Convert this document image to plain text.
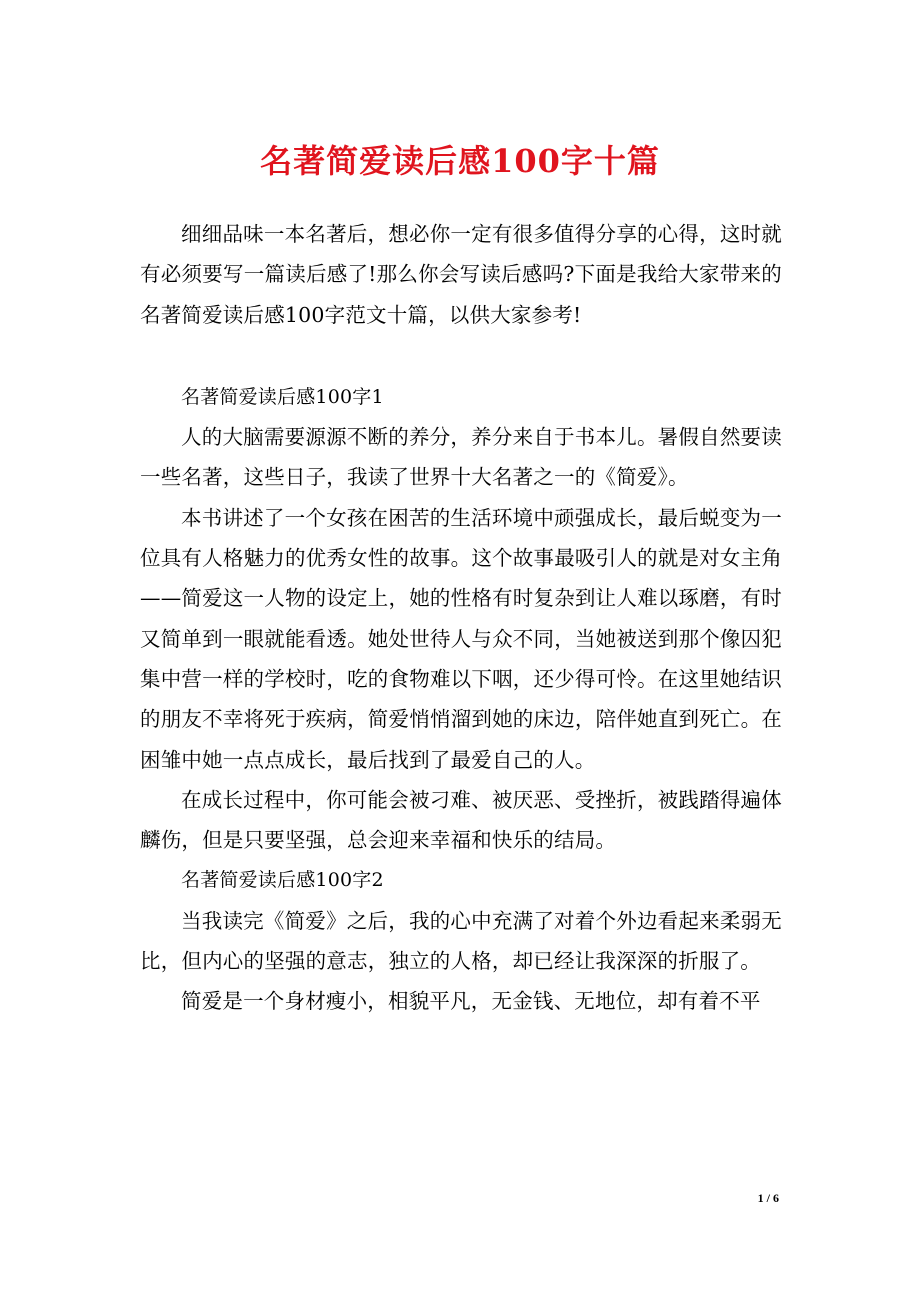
名著简爱读后感100字十篇

细细品味一本名著后，想必你一定有很多值得分享的心得，这时就有必须要写一篇读后感了!那么你会写读后感吗?下面是我给大家带来的名著简爱读后感100字范文十篇，以供大家参考!

名著简爱读后感100字1

人的大脑需要源源不断的养分，养分来自于书本儿。暑假自然要读一些名著，这些日子，我读了世界十大名著之一的《简爱》。

本书讲述了一个女孩在困苦的生活环境中顽强成长，最后蜕变为一位具有人格魅力的优秀女性的故事。这个故事最吸引人的就是对女主角——简爱这一人物的设定上，她的性格有时复杂到让人难以琢磨，有时又简单到一眼就能看透。她处世待人与众不同，当她被送到那个像囚犯集中营一样的学校时，吃的食物难以下咽，还少得可怜。在这里她结识的朋友不幸将死于疾病，简爱悄悄溜到她的床边，陪伴她直到死亡。在困雏中她一点点成长，最后找到了最爱自己的人。

在成长过程中，你可能会被刁难、被厌恶、受挫折，被践踏得遍体麟伤，但是只要坚强，总会迎来幸福和快乐的结局。

名著简爱读后感100字2

当我读完《简爱》之后，我的心中充满了对着个外边看起来柔弱无比，但内心的坚强的意志，独立的人格，却已经让我深深的折服了。

简爱是一个身材瘦小，相貌平凡，无金钱、无地位，却有着不平

1 / 6
